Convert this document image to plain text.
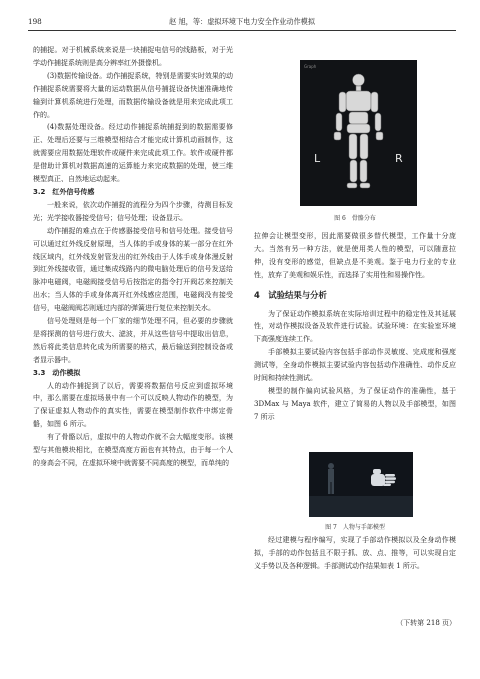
198	赵 旭，等：虚拟环境下电力安全作业动作模拟

的捕捉。对于机械系统来说是一块捕捉电信号的线路板，对于光学动作捕捉系统则是高分辨率红外摄像机。

(3)数据传输设备。动作捕捉系统，特别是需要实时效果的动作捕捉系统需要将大量的运动数据从信号捕捉设备快速准确地传输到计算机系统进行处理，而数据传输设备就是用来完成此项工作的。

(4)数据处理设备。经过动作捕捉系统捕捉到的数据需要修正、处理后还要与三维模型相结合才能完成计算机动画制作，这就需要应用数据处理软件或硬件来完成此项工作。软件或硬件都是借助计算机对数据高速的运算能力来完成数据的处理，使三维模型真正、自然地运动起来。

3.2　红外信号传感

一般来说，依次动作捕捉的流程分为四个步骤，待测目标发光；光学接收器接受信号；信号处理；设备显示。

动作捕捉的难点在于传感器接受信号和信号处理。接受信号可以通过红外线反射原理，当人体的手或身体的某一部分在红外线区域内，红外线发射管发出的红外线由于人体手或身体漫反射到红外线接收管，通过集成线路内的微电脑处理后的信号发送给脉冲电磁阀，电磁阀接受信号后按指定的指令打开阀芯来控制关出水；当人体的手或身体离开红外线感应范围，电磁阀没有接受信号，电磁阀阀芯则通过内部的弹簧进行复位来控制关水。

信号处理则是每一个厂家的细节处理不同，但必要的步骤就是将探测的信号进行放大、滤波，并从这些信号中提取出信息，然后将此类信息转化成为所需要的格式，最后输送到控制设备或者显示器中。

3.3　动作模拟

人的动作捕捉到了以后，需要将数据信号反应到虚拟环境中，那么需要在虚拟场景中有一个可以反映人物动作的模型，为了保证虚拟人物动作的真实性，需要在模型制作软件中绑定骨骼，如图 6 所示。

有了骨骼以后，虚拟中的人物动作就不会大幅度变形。该模型与其他模块相比，在模型高度方面也有其特点，由于每一个人的身高会不同，在虚拟环境中就需要不同高度的模型，而单纯的

Graph
L	R
图 6　骨骼分布

拉伸会让模型变形，因此需要做很多替代模型，工作量十分庞大。当然有另一种方法，就是使用类人性的模型，可以随意拉伸，没有变形的感觉，但缺点是不美观。鉴于电力行业的专业性，放弃了美观和娱乐性，而选择了实用性和易操作性。

4　试验结果与分析

为了保证动作模拟系统在实际培训过程中的稳定性及其延展性，对动作模拟设备及软件进行试验。试验环境：在实验室环境下高强度连续工作。

手部模拟主要试验内容包括手部动作灵敏度、完成度和强度测试等，全身动作模拟主要试验内容包括动作准确性、动作反应时间和持续性测试。

模型的制作偏向试验风格，为了保证动作的准确性，基于 3DMax 与 Maya 软件，建立了简易的人物以及手部模型，如图 7 所示

图 7　人物与手部模型

经过建模与程序编写，实现了手部动作模拟以及全身动作模拟，手部的动作包括且不限于抓、放、点、推等，可以实现自定义手势以及各种逻辑。手部测试动作结果如表 1 所示。

（下转第 218 页）
